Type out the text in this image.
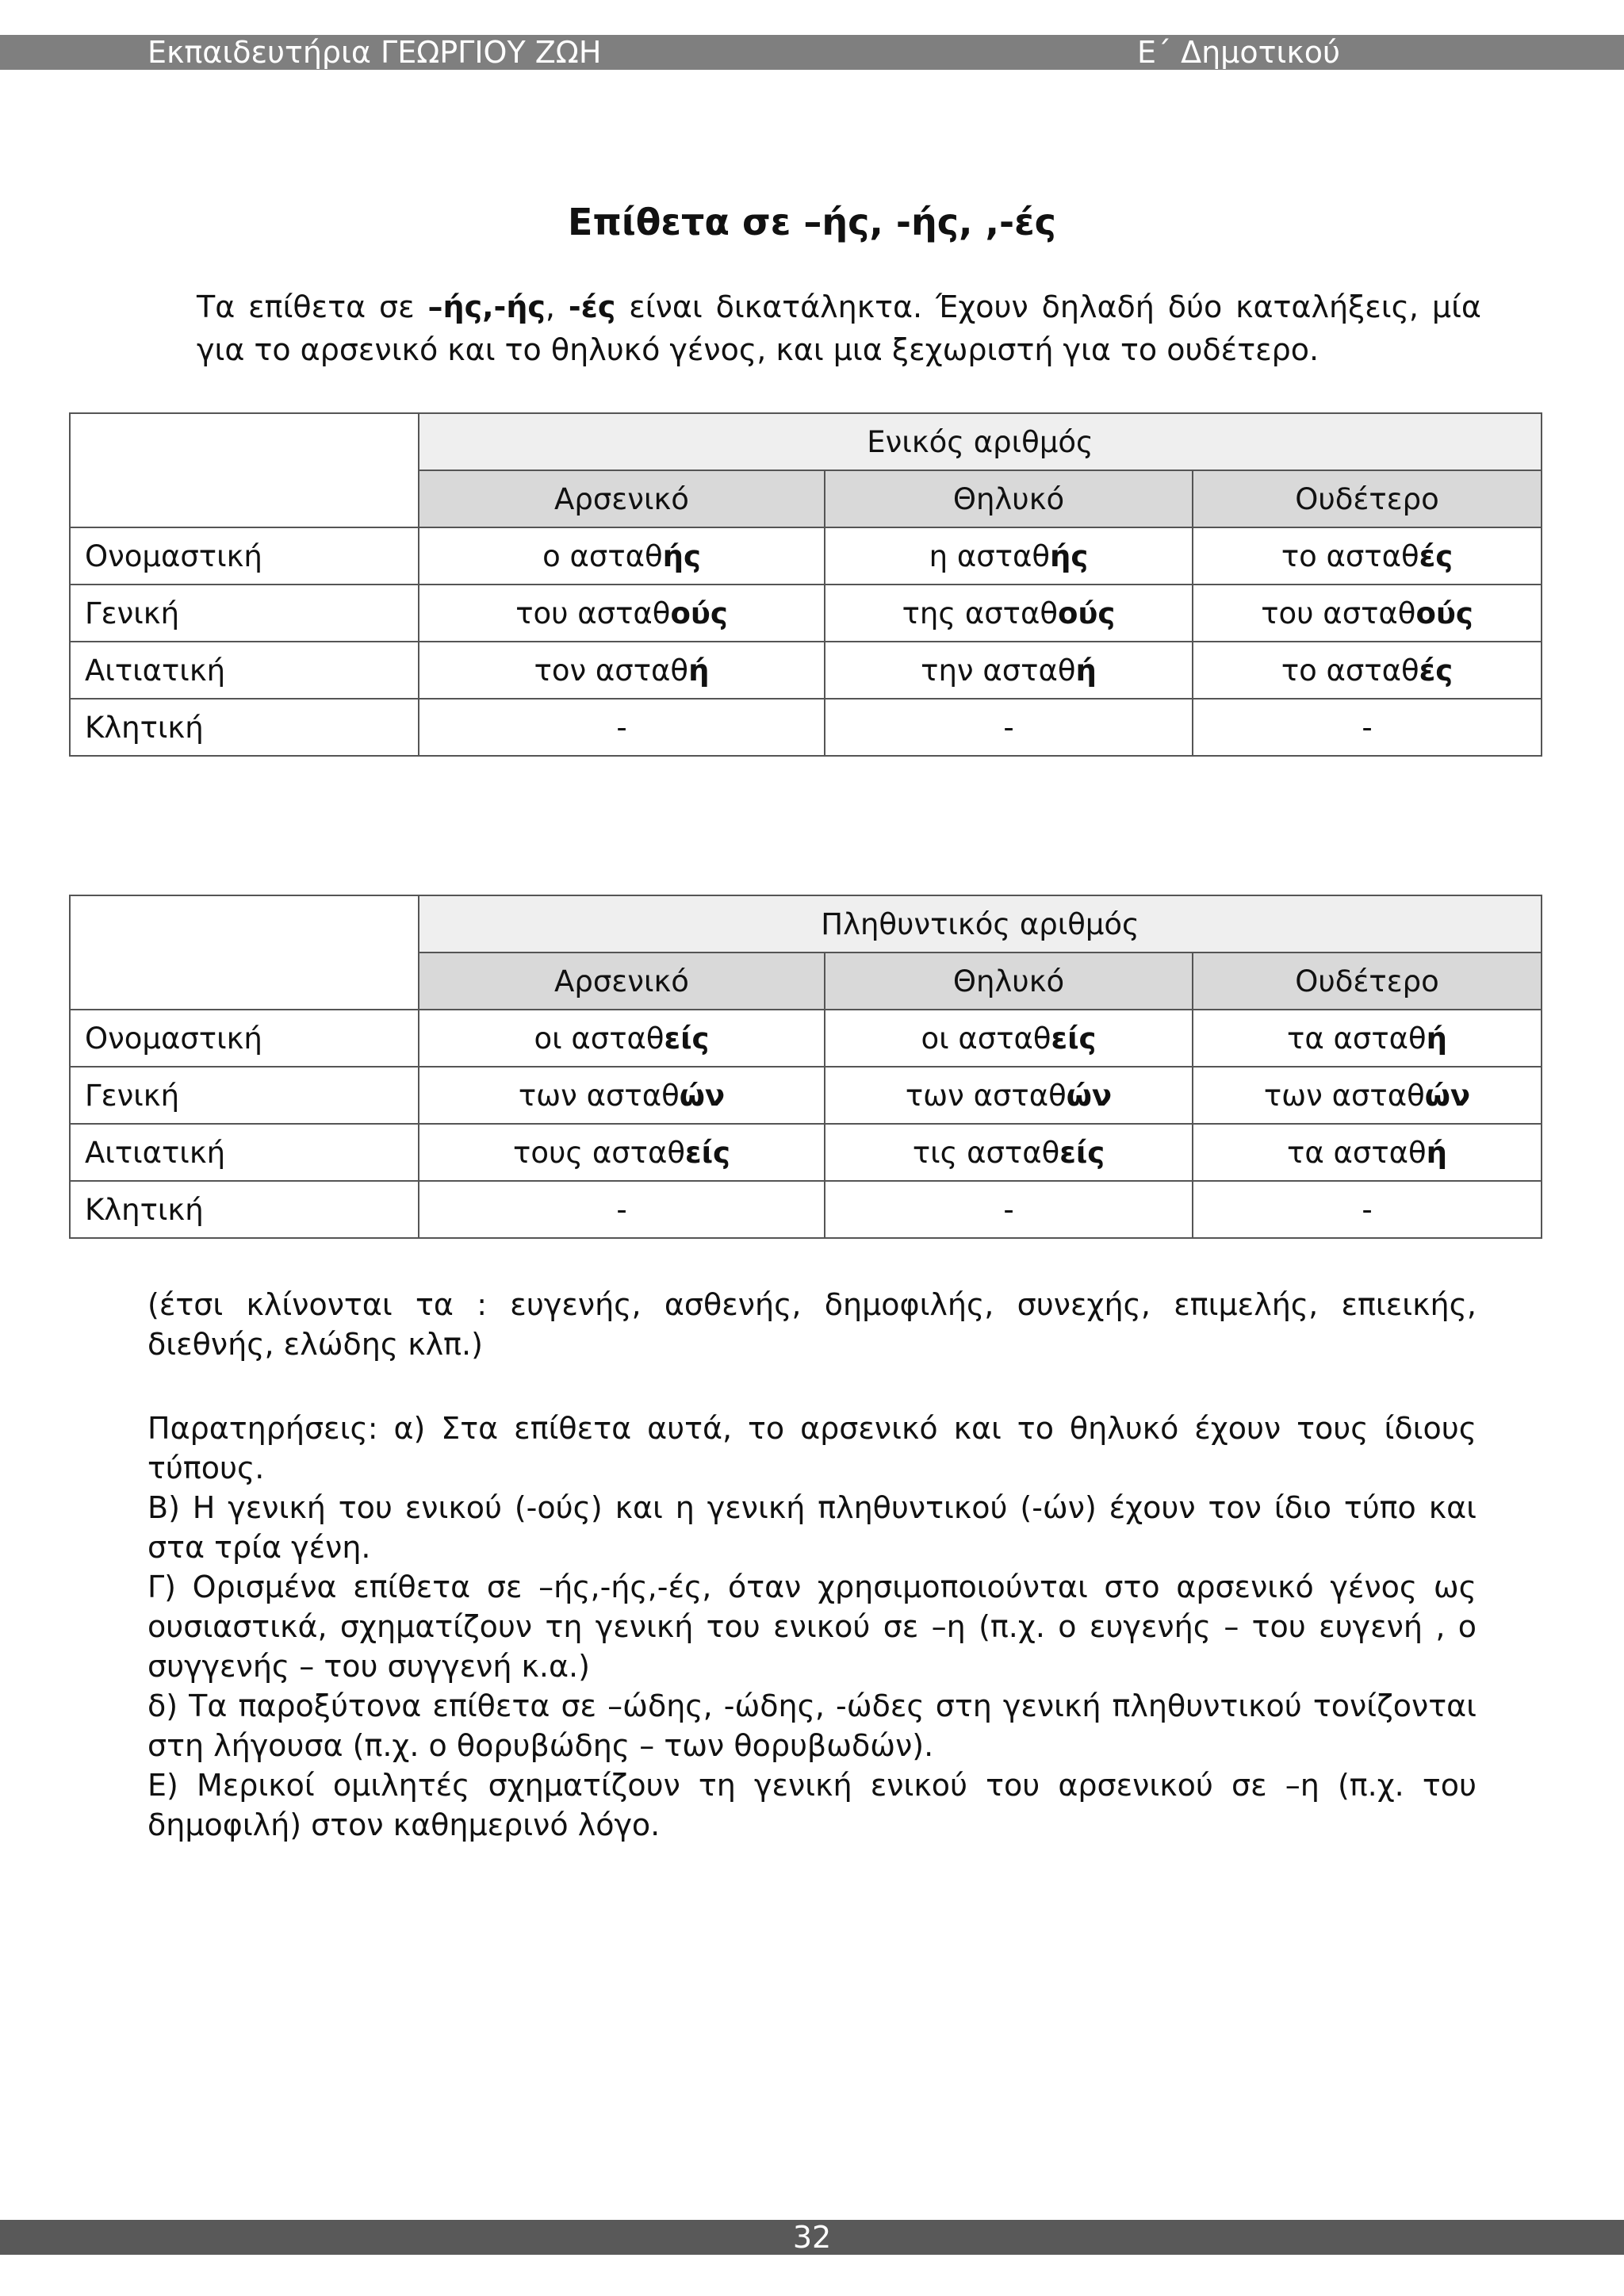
Εκπαιδευτήρια ΓΕΩΡΓΙΟΥ ΖΩΗ	Ε΄ Δημοτικού
Επίθετα σε –ής, -ής, ,-ές

Τα επίθετα σε –ής,-ής, -ές είναι δικατάληκτα. Έχουν δηλαδή δύο καταλήξεις, μία για το αρσενικό και το θηλυκό γένος, και μια ξεχωριστή για το ουδέτερο.

	Ενικός αριθμός		
	Αρσενικό	Θηλυκό	Ουδέτερο
Ονομαστική	ο ασταθής	η ασταθής	το ασταθές
Γενική	του ασταθούς	της ασταθούς	του ασταθούς
Αιτιατική	τον ασταθή	την ασταθή	το ασταθές
Κλητική	-	-	-
	Πληθυντικός αριθμός		
	Αρσενικό	Θηλυκό	Ουδέτερο
Ονομαστική	οι ασταθείς	οι ασταθείς	τα ασταθή
Γενική	των ασταθών	των ασταθών	των ασταθών
Αιτιατική	τους ασταθείς	τις ασταθείς	τα ασταθή
Κλητική	-	-	-

(έτσι κλίνονται τα : ευγενής, ασθενής, δημοφιλής, συνεχής, επιμελής, επιεικής, διεθνής, ελώδης κλπ.)

Παρατηρήσεις: α) Στα επίθετα αυτά, το αρσενικό και το θηλυκό έχουν τους ίδιους τύπους.

Β) Η γενική του ενικού (-ούς) και η γενική πληθυντικού (-ών) έχουν τον ίδιο τύπο και στα τρία γένη.

Γ) Ορισμένα επίθετα σε –ής,-ής,-ές, όταν χρησιμοποιούνται στο αρσενικό γένος ως ουσιαστικά, σχηματίζουν τη γενική του ενικού σε –η (π.χ. ο ευγενής – του ευγενή , ο συγγενής – του συγγενή κ.α.)

δ) Τα παροξύτονα επίθετα σε –ώδης, -ώδης, -ώδες στη γενική πληθυντικού τονίζονται στη λήγουσα (π.χ. ο θορυβώδης – των θορυβωδών).

Ε) Μερικοί ομιλητές σχηματίζουν τη γενική ενικού του αρσενικού σε –η (π.χ. του δημοφιλή) στον καθημερινό λόγο.

32
